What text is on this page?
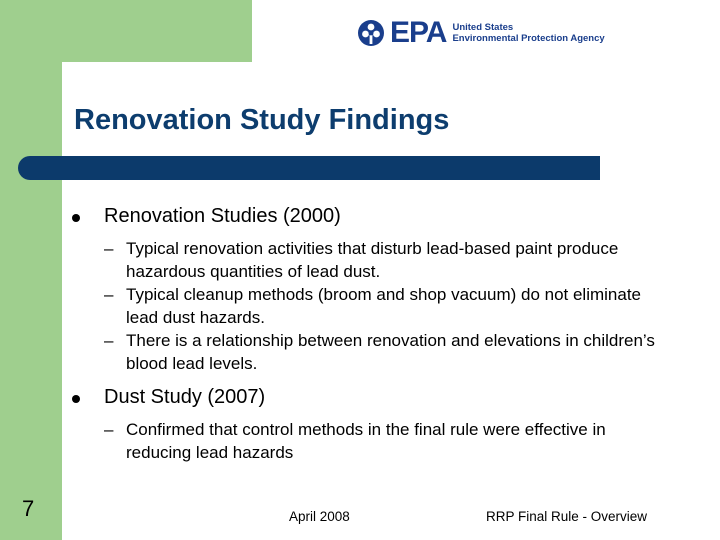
EPA United States
Environmental Protection Agency
Renovation Study Findings
Renovation Studies (2000)
– Typical renovation activities that disturb lead-based paint produce hazardous quantities of lead dust.
– Typical cleanup methods (broom and shop vacuum) do not eliminate lead dust hazards.
– There is a relationship between renovation and elevations in children’s blood lead levels.
Dust Study (2007)
– Confirmed that control methods in the final rule were effective in reducing lead hazards
7	April 2008	RRP Final Rule - Overview
